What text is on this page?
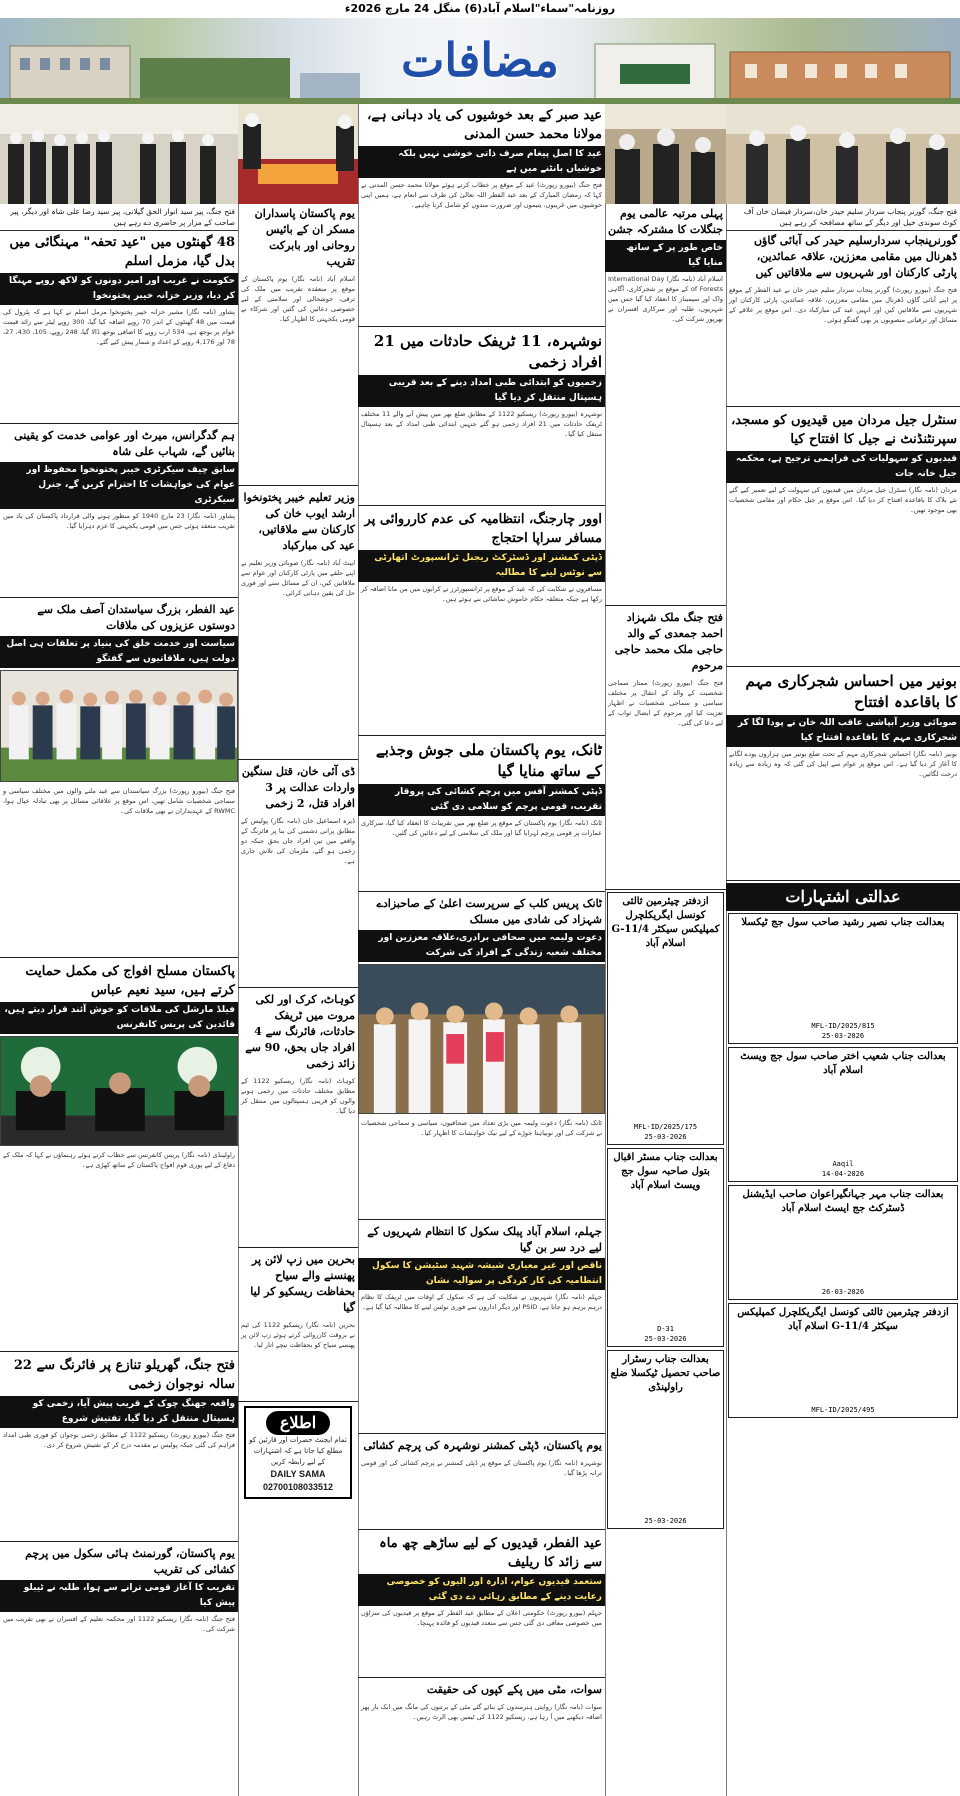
روزنامہ"سماء"اسلام آباد(6) منگل 24 مارچ 2026ء
مضافات
فتح جنگ، گورنر پنجاب سردار سلیم حیدر خان،سردار فیضان خان آف کوٹ سوندی خیل اور دیگر کے ساتھ مصافحہ کر رہے ہیں
گورنرپنجاب سردارسلیم حیدر کی آبائی گاؤں ڈھرنال میں مقامی معززین، علاقہ عمائدین، پارٹی کارکنان اور شہریوں سے ملاقاتیں کیں
فتح جنگ (بیورو رپورٹ) گورنر پنجاب سردار سلیم حیدر خان نے عید الفطر کے موقع پر اپنے آبائی گاؤں ڈھرنال میں مقامی معززین، علاقہ عمائدین، پارٹی کارکنان اور شہریوں سے ملاقاتیں کیں اور انہیں عید کی مبارکباد دی۔ اس موقع پر علاقے کے مسائل اور ترقیاتی منصوبوں پر بھی گفتگو ہوئی۔
سنٹرل جیل مردان میں قیدیوں کو مسجد، سپرنٹنڈنٹ نے جیل کا افتتاح کیا
قیدیوں کو سہولیات کی فراہمی ترجیح ہے، محکمہ جیل خانہ جات
مردان (نامہ نگار) سنٹرل جیل مردان میں قیدیوں کی سہولت کے لیے تعمیر کیے گئے نئے بلاک کا باقاعدہ افتتاح کر دیا گیا۔ اس موقع پر جیل حکام اور مقامی شخصیات بھی موجود تھیں۔
بونیر میں احساس شجرکاری مہم کا باقاعدہ افتتاح
صوبائی وزیر آبپاشی عاقب اللہ خان نے پودا لگا کر شجرکاری مہم کا باقاعدہ افتتاح کیا
بونیر (نامہ نگار) احساس شجرکاری مہم کے تحت ضلع بونیر میں ہزاروں پودے لگانے کا آغاز کر دیا گیا ہے۔ اس موقع پر عوام سے اپیل کی گئی کہ وہ زیادہ سے زیادہ درخت لگائیں۔
عدالتی اشتہارات
بعدالت جناب نصیر رشید صاحب سول جج ٹیکسلا
MFL-ID/2025/815
25-03-2026
بعدالت جناب شعیب اختر صاحب سول جج ویسٹ اسلام آباد
Aaqil
14-04-2026
بعدالت جناب مہر جہانگیراعوان صاحب ایڈیشنل ڈسٹرکٹ جج ایسٹ اسلام آباد
26-03-2026
ازدفتر چیئرمین ثالثی کونسل ایگریکلچرل کمپلیکس سیکٹر G-11/4 اسلام آباد
MFL-ID/2025/495
پہلی مرتبہ عالمی یوم جنگلات کا مشترکہ جشن
خاص طور پر کے ساتھ منایا گیا
اسلام آباد (نامہ نگار) International Day of Forests کے موقع پر شجرکاری، آگاہی واک اور سیمینار کا انعقاد کیا گیا جس میں شہریوں، طلبہ اور سرکاری افسران نے بھرپور شرکت کی۔
فتح جنگ ملک شہزاد احمد جمعدی کے والد حاجی ملک محمد حاجی مرحوم
فتح جنگ (بیورو رپورٹ) ممتاز سماجی شخصیت کے والد کے انتقال پر مختلف سیاسی و سماجی شخصیات نے اظہار تعزیت کیا اور مرحوم کے ایصال ثواب کے لیے دعا کی گئی۔
ازدفتر چیئرمین ثالثی کونسل ایگریکلچرل کمپلیکس سیکٹر G-11/4 اسلام آباد
MFL-ID/2025/175
25-03-2026
بعدالت جناب مسٹر اقبال بتول صاحبہ سول جج ویسٹ اسلام آباد
D-31
25-03-2026
بعدالت جناب رسٹرار صاحب تحصیل ٹیکسلا ضلع راولپنڈی
25-03-2026
عید صبر کے بعد خوشیوں کی یاد دہانی ہے، مولانا محمد حسن المدنی
عید کا اصل پیغام صرف ذاتی خوشی نہیں بلکہ خوشیاں بانٹنے میں ہے
فتح جنگ (بیورو رپورٹ) عید کے موقع پر خطاب کرتے ہوئے مولانا محمد حسن المدنی نے کہا کہ رمضان المبارک کے بعد عید الفطر اللہ تعالیٰ کی طرف سے انعام ہے، ہمیں اپنی خوشیوں میں غریبوں، یتیموں اور ضرورت مندوں کو شامل کرنا چاہیے۔
نوشہرہ، 11 ٹریفک حادثات میں 21 افراد زخمی
زخمیوں کو ابتدائی طبی امداد دینے کے بعد قریبی ہسپتال منتقل کر دیا گیا
نوشہرہ (بیورو رپورٹ) ریسکیو 1122 کے مطابق ضلع بھر میں پیش آنے والے 11 مختلف ٹریفک حادثات میں 21 افراد زخمی ہو گئے جنہیں ابتدائی طبی امداد کے بعد ہسپتال منتقل کیا گیا۔
اوور چارجنگ، انتظامیہ کی عدم کارروائی پر مسافر سراپا احتجاج
ڈپٹی کمشنر اور ڈسٹرکٹ ریجنل ٹرانسپورٹ اتھارٹی سے نوٹس لینے کا مطالبہ
مسافروں نے شکایت کی کہ عید کے موقع پر ٹرانسپورٹرز نے کرایوں میں من مانا اضافہ کر رکھا ہے جبکہ متعلقہ حکام خاموش تماشائی بنے ہوئے ہیں۔
ٹانک، یوم پاکستان ملی جوش وجذبے کے ساتھ منایا گیا
ڈپٹی کمشنر آفس میں پرچم کشائی کی پروقار تقریب، قومی پرچم کو سلامی دی گئی
ٹانک (نامہ نگار) یوم پاکستان کے موقع پر ضلع بھر میں تقریبات کا انعقاد کیا گیا، سرکاری عمارات پر قومی پرچم لہرایا گیا اور ملک کی سلامتی کے لیے دعائیں کی گئیں۔
ٹانک پریس کلب کے سرپرست اعلیٰ کے صاحبزادے شہزاد کی شادی میں مسلک
دعوت ولیمہ میں صحافی برادری،علاقہ معززین اور مختلف شعبہ زندگی کے افراد کی شرکت
ٹانک (نامہ نگار) دعوت ولیمہ میں بڑی تعداد میں صحافیوں، سیاسی و سماجی شخصیات نے شرکت کی اور نوبیاہتا جوڑے کے لیے نیک خواہشات کا اظہار کیا۔
جہلم، اسلام آباد پبلک سکول کا انتظام شہریوں کے لیے درد سر بن گیا
ناقص اور غیر معیاری شیشہ شہید سٹیشن کا سکول انتظامیہ کی کار کردگی پر سوالیہ نشان
جہلم (نامہ نگار) شہریوں نے شکایت کی ہے کہ سکول کے اوقات میں ٹریفک کا نظام درہم برہم ہو جاتا ہے، PSID اور دیگر اداروں سے فوری نوٹس لینے کا مطالبہ کیا گیا ہے۔
یوم پاکستان، ڈپٹی کمشنر نوشہرہ کی پرچم کشائی
نوشہرہ (نامہ نگار) یوم پاکستان کے موقع پر ڈپٹی کمشنر نے پرچم کشائی کی اور قومی ترانہ پڑھا گیا۔
عید الفطر، قیدیوں کے لیے ساڑھے چھ ماہ سے زائد کا ریلیف
ستعمد قیدیوں عوام، ادارہ اور الیوں کو خصوصی رعایت دینے کے مطابق رہائی دے دی گئی
جہلم (بیورو رپورٹ) حکومتی اعلان کے مطابق عید الفطر کے موقع پر قیدیوں کی سزاؤں میں خصوصی معافی دی گئی جس سے متعدد قیدیوں کو فائدہ پہنچا۔
سوات، مٹی میں پکے کپوں کی حقیقت
سوات (نامہ نگار) روایتی ہنرمندوں کے بنائے گئے مٹی کے برتنوں کی مانگ میں ایک بار پھر اضافہ دیکھنے میں آ رہا ہے، ریسکیو 1122 کی ٹیمیں بھی الرٹ رہیں۔
یوم پاکستان پاسداران مسکر ان کے بائیس روحانی اور بابرکت تقریب
اسلام آباد (نامہ نگار) یوم پاکستان کے موقع پر منعقدہ تقریب میں ملک کی ترقی، خوشحالی اور سلامتی کے لیے خصوصی دعائیں کی گئیں اور شرکاء نے قومی یکجہتی کا اظہار کیا۔
وزیر تعلیم خیبر پختونخوا ارشد ایوب خان کی کارکنان سے ملاقاتیں، عید کی مبارکباد
ایبٹ آباد (نامہ نگار) صوبائی وزیر تعلیم نے اپنے حلقے میں پارٹی کارکنان اور عوام سے ملاقاتیں کیں، ان کے مسائل سنے اور فوری حل کی یقین دہانی کرائی۔
ڈی آئی خان، قتل سنگین واردات عدالت پر 3 افراد قتل، 2 زخمی
ڈیرہ اسماعیل خان (نامہ نگار) پولیس کے مطابق پرانی دشمنی کی بنا پر فائرنگ کے واقعے میں تین افراد جاں بحق جبکہ دو زخمی ہو گئے، ملزمان کی تلاش جاری ہے۔
کوہاٹ، کرک اور لکی مروت میں ٹریفک حادثات، فائرنگ سے 4 افراد جاں بحق، 90 سے زائد زخمی
کوہاٹ (نامہ نگار) ریسکیو 1122 کے مطابق مختلف حادثات میں زخمی ہونے والوں کو قریبی ہسپتالوں میں منتقل کر دیا گیا۔
بحرین میں زپ لائن پر پھنسنے والے سیاح بحفاظت ریسکیو کر لیا گیا
بحرین (نامہ نگار) ریسکیو 1122 کی ٹیم نے بروقت کارروائی کرتے ہوئے زپ لائن پر پھنسے سیاح کو بحفاظت نیچے اتار لیا۔
اطلاع
تمام ایجنٹ حضرات اور قارئین کو مطلع کیا جاتا ہے کہ اشتہارات کے لیے رابطہ کریں
DAILY SAMA
02700108033512
فتح جنگ، پیر سید انوار الحق گیلانی، پیر سید رضا علی شاہ اور دیگر، پیر صاحب کے مزار پر حاضری دے رہے ہیں
48 گھنٹوں میں "عید تحفہ" مہنگائی میں بدل گیا، مزمل اسلم
حکومت نے غریب اور امیر دونوں کو لاکھ روپے مہنگا کر دیا، وزیر خزانہ خیبر پختونخوا
پشاور (نامہ نگار) مشیر خزانہ خیبر پختونخوا مزمل اسلم نے کہا ہے کہ پٹرول کی قیمت میں 48 گھنٹوں کے اندر 70 روپے اضافہ کیا گیا، 300 روپے لیٹر سے زائد قیمت عوام پر بوجھ ہے، 534 ارب روپے کا اضافی بوجھ ڈالا گیا، 248 روپے، 105، 430، 27، 78 اور 4,176 روپے کے اعداد و شمار پیش کیے گئے۔
ہم گدگرانس، میرٹ اور عوامی خدمت کو یقینی بنائیں گے، شہاب علی شاہ
سابق چیف سیکرٹری خیبر پختونخوا محفوظ اور عوام کی خواہشات کا احترام کریں گے، جنرل سیکرٹری
پشاور (نامہ نگار) 23 مارچ 1940 کو منظور ہونے والی قرارداد پاکستان کی یاد میں تقریب منعقد ہوئی جس میں قومی یکجہتی کا عزم دہرایا گیا۔
عید الفطر، بزرگ سیاستدان آصف ملک سے دوستوں عزیزوں کی ملاقات
سیاست اور خدمت خلق کی بنیاد پر تعلقات ہی اصل دولت ہیں، ملاقاتیوں سے گفتگو
فتح جنگ (بیورو رپورٹ) بزرگ سیاستدان سے عید ملنے والوں میں مختلف سیاسی و سماجی شخصیات شامل تھیں، اس موقع پر علاقائی مسائل پر بھی تبادلہ خیال ہوا، RWMC کے عہدیداران نے بھی ملاقات کی۔
پاکستان مسلح افواج کی مکمل حمایت کرتے ہیں، سید نعیم عباس
فیلڈ مارشل کی ملاقات کو خوش آئند قرار دیتے ہیں، قائدین کی پریس کانفرنس
راولپنڈی (نامہ نگار) پریس کانفرنس سے خطاب کرتے ہوئے رہنماؤں نے کہا کہ ملک کے دفاع کے لیے پوری قوم افواج پاکستان کے ساتھ کھڑی ہے۔
فتح جنگ، گھریلو تنازع پر فائرنگ سے 22 سالہ نوجوان زخمی
واقعہ جھنگ چوک کے قریب پیش آیا، زخمی کو ہسپتال منتقل کر دیا گیا، تفتیش شروع
فتح جنگ (بیورو رپورٹ) ریسکیو 1122 کے مطابق زخمی نوجوان کو فوری طبی امداد فراہم کی گئی جبکہ پولیس نے مقدمہ درج کر کے تفتیش شروع کر دی۔
یوم پاکستان، گورنمنٹ ہائی سکول میں پرچم کشائی کی تقریب
تقریب کا آغاز قومی ترانے سے ہوا، طلبہ نے ٹیبلو پیش کیا
فتح جنگ (نامہ نگار) ریسکیو 1122 اور محکمہ تعلیم کے افسران نے بھی تقریب میں شرکت کی۔
